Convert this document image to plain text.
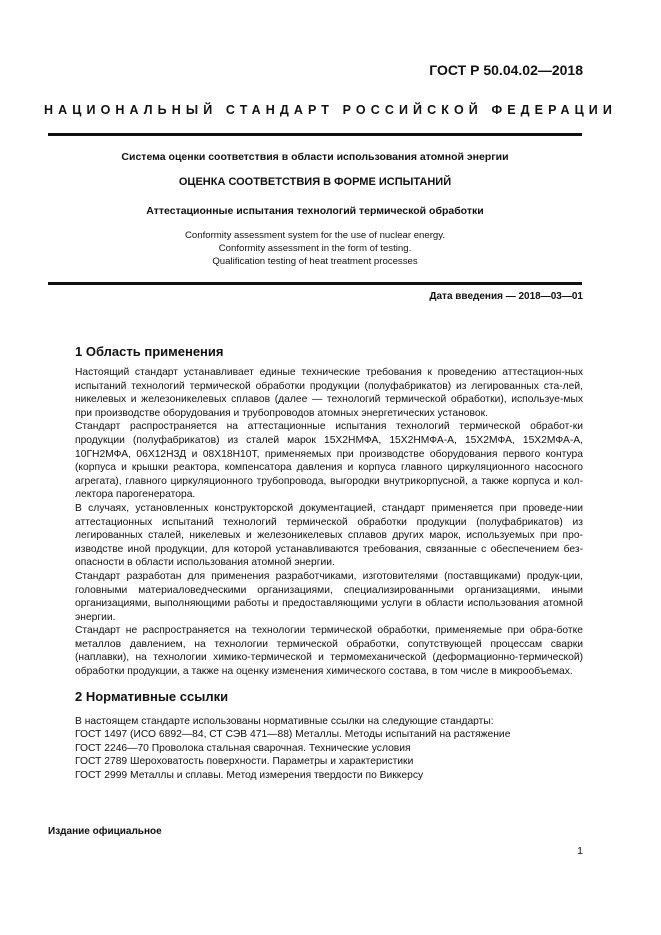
ГОСТ Р 50.04.02—2018
НАЦИОНАЛЬНЫЙ СТАНДАРТ РОССИЙСКОЙ ФЕДЕРАЦИИ
Система оценки соответствия в области использования атомной энергии
ОЦЕНКА СООТВЕТСТВИЯ В ФОРМЕ ИСПЫТАНИЙ
Аттестационные испытания технологий термической обработки
Conformity assessment system for the use of nuclear energy.
Conformity assessment in the form of testing.
Qualification testing of heat treatment processes
Дата введения — 2018—03—01
1 Область применения

Настоящий стандарт устанавливает единые технические требования к проведению аттестацион-ных испытаний технологий термической обработки продукции (полуфабрикатов) из легированных ста-лей, никелевых и железоникелевых сплавов (далее — технологий термической обработки), используе-мых при производстве оборудования и трубопроводов атомных энергетических установок.

Стандарт распространяется на аттестационные испытания технологий термической обработ-ки продукции (полуфабрикатов) из сталей марок 15Х2НМФА, 15Х2НМФА-А, 15Х2МФА, 15Х2МФА-А, 10ГН2МФА, 06Х12Н3Д и 08Х18Н10Т, применяемых при производстве оборудования первого контура (корпуса и крышки реактора, компенсатора давления и корпуса главного циркуляционного насосного агрегата), главного циркуляционного трубопровода, выгородки внутрикорпусной, а также корпуса и кол-лектора парогенератора.

В случаях, установленных конструкторской документацией, стандарт применяется при проведе-нии аттестационных испытаний технологий термической обработки продукции (полуфабрикатов) из легированных сталей, никелевых и железоникелевых сплавов других марок, используемых при про-изводстве иной продукции, для которой устанавливаются требования, связанные с обеспечением без-опасности в области использования атомной энергии.

Стандарт разработан для применения разработчиками, изготовителями (поставщиками) продук-ции, головными материаловедческими организациями, специализированными организациями, иными организациями, выполняющими работы и предоставляющими услуги в области использования атомной энергии.

Стандарт не распространяется на технологии термической обработки, применяемые при обра-ботке металлов давлением, на технологии термической обработки, сопутствующей процессам сварки (наплавки), на технологии химико-термической и термомеханической (деформационно-термической) обработки продукции, а также на оценку изменения химического состава, в том числе в микрообъемах.

2 Нормативные ссылки

В настоящем стандарте использованы нормативные ссылки на следующие стандарты:

ГОСТ 1497 (ИСО 6892—84, СТ СЭВ 471—88) Металлы. Методы испытаний на растяжение

ГОСТ 2246—70 Проволока стальная сварочная. Технические условия

ГОСТ 2789 Шероховатость поверхности. Параметры и характеристики

ГОСТ 2999 Металлы и сплавы. Метод измерения твердости по Виккерсу

Издание официальное
1
